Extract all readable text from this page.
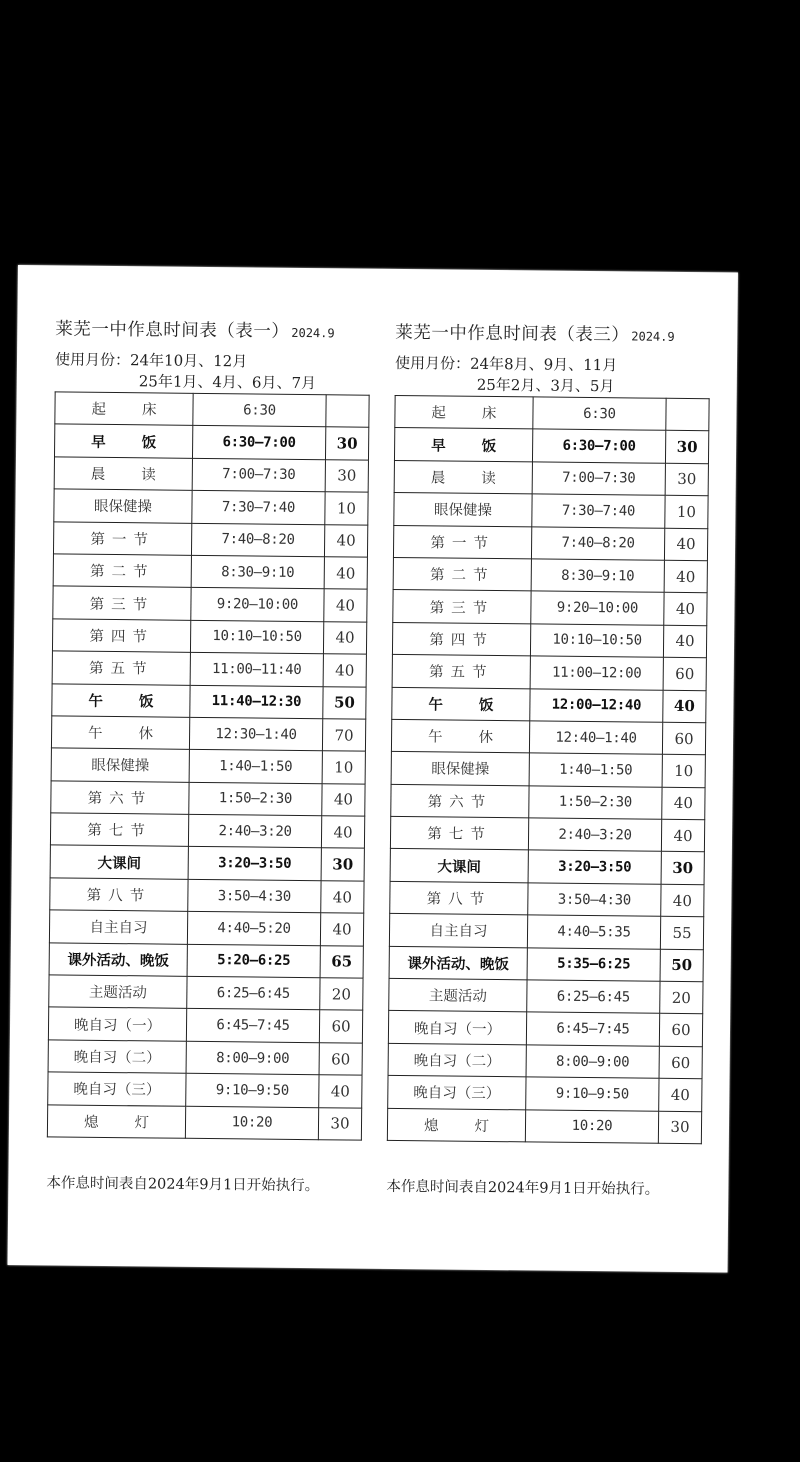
莱芜一中作息时间表（表一） 2024.9
使用月份：24年10月、12月
25年1月、4月、6月、7月
起床	6:30	
早饭	6:30—7:00	30
晨读	7:00—7:30	30
眼保健操	7:30—7:40	10
第一节	7:40—8:20	40
第二节	8:30—9:10	40
第三节	9:20—10:00	40
第四节	10:10—10:50	40
第五节	11:00—11:40	40
午饭	11:40—12:30	50
午休	12:30—1:40	70
眼保健操	1:40—1:50	10
第六节	1:50—2:30	40
第七节	2:40—3:20	40
大课间	3:20—3:50	30
第八节	3:50—4:30	40
自主自习	4:40—5:20	40
课外活动、晚饭	5:20—6:25	65
主题活动	6:25—6:45	20
晚自习（一）	6:45—7:45	60
晚自习（二）	8:00—9:00	60
晚自习（三）	9:10—9:50	40
熄灯	10:20	30
本作息时间表自2024年9月1日开始执行。
莱芜一中作息时间表（表三） 2024.9
使用月份：24年8月、9月、11月
25年2月、3月、5月
起床	6:30	
早饭	6:30—7:00	30
晨读	7:00—7:30	30
眼保健操	7:30—7:40	10
第一节	7:40—8:20	40
第二节	8:30—9:10	40
第三节	9:20—10:00	40
第四节	10:10—10:50	40
第五节	11:00—12:00	60
午饭	12:00—12:40	40
午休	12:40—1:40	60
眼保健操	1:40—1:50	10
第六节	1:50—2:30	40
第七节	2:40—3:20	40
大课间	3:20—3:50	30
第八节	3:50—4:30	40
自主自习	4:40—5:35	55
课外活动、晚饭	5:35—6:25	50
主题活动	6:25—6:45	20
晚自习（一）	6:45—7:45	60
晚自习（二）	8:00—9:00	60
晚自习（三）	9:10—9:50	40
熄灯	10:20	30
本作息时间表自2024年9月1日开始执行。
